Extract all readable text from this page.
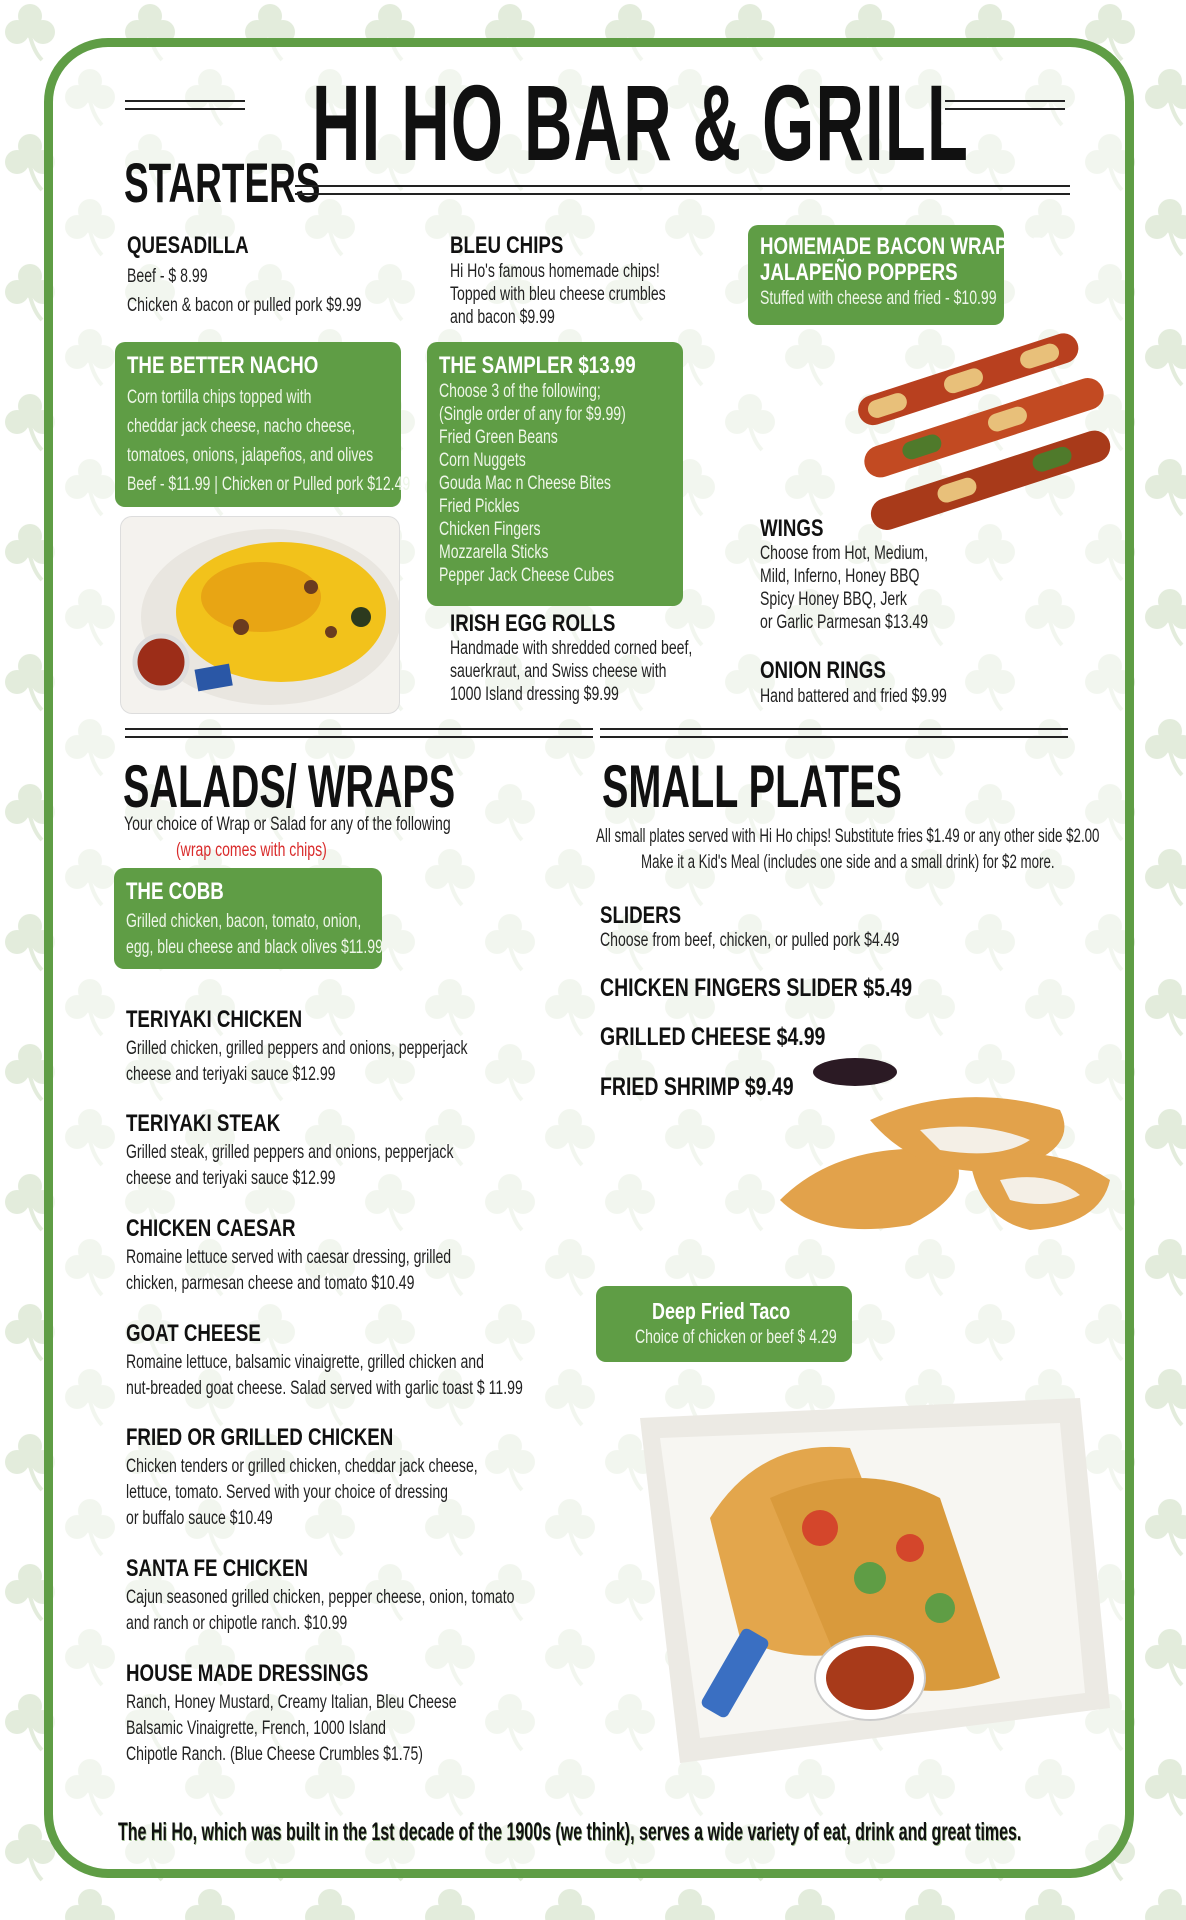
HI HO BAR & GRILL
STARTERS
QUESADILLA
Beef - $ 8.99
Chicken & bacon or pulled pork $9.99
BLEU CHIPS
Hi Ho's famous homemade chips!
Topped with bleu cheese crumbles
and bacon $9.99
HOMEMADE BACON WRAPPED
JALAPEÑO POPPERS
Stuffed with cheese and fried - $10.99
THE BETTER NACHO
Corn tortilla chips topped with
cheddar jack cheese, nacho cheese,
tomatoes, onions, jalapeños, and olives
Beef - $11.99 | Chicken or Pulled pork $12.49
THE SAMPLER $13.99
Choose 3 of the following;
(Single order of any for $9.99)
Fried Green Beans
Corn Nuggets
Gouda Mac n Cheese Bites
Fried Pickles
Chicken Fingers
Mozzarella Sticks
Pepper Jack Cheese Cubes
WINGS
Choose from Hot, Medium,
Mild, Inferno, Honey BBQ
Spicy Honey BBQ, Jerk
or Garlic Parmesan $13.49
IRISH EGG ROLLS
Handmade with shredded corned beef,
sauerkraut, and Swiss cheese with
1000 Island dressing $9.99
ONION RINGS
Hand battered and fried $9.99
SALADS/ WRAPS
Your choice of Wrap or Salad for any of the following
(wrap comes with chips)
THE COBB
Grilled chicken, bacon, tomato, onion,
egg, bleu cheese and black olives $11.99
TERIYAKI CHICKEN
Grilled chicken, grilled peppers and onions, pepperjack
cheese and teriyaki sauce $12.99
TERIYAKI STEAK
Grilled steak, grilled peppers and onions, pepperjack
cheese and teriyaki sauce $12.99
CHICKEN CAESAR
Romaine lettuce served with caesar dressing, grilled
chicken, parmesan cheese and tomato $10.49
GOAT CHEESE
Romaine lettuce, balsamic vinaigrette, grilled chicken and
nut-breaded goat cheese. Salad served with garlic toast $ 11.99
FRIED OR GRILLED CHICKEN
Chicken tenders or grilled chicken, cheddar jack cheese,
lettuce, tomato. Served with your choice of dressing
or buffalo sauce $10.49
SANTA FE CHICKEN
Cajun seasoned grilled chicken, pepper cheese, onion, tomato
and ranch or chipotle ranch. $10.99
HOUSE MADE DRESSINGS
Ranch, Honey Mustard, Creamy Italian, Bleu Cheese
Balsamic Vinaigrette, French, 1000 Island
Chipotle Ranch. (Blue Cheese Crumbles $1.75)
SMALL PLATES
All small plates served with Hi Ho chips! Substitute fries $1.49 or any other side $2.00
Make it a Kid's Meal (includes one side and a small drink) for $2 more.
SLIDERS
Choose from beef, chicken, or pulled pork $4.49
CHICKEN FINGERS SLIDER $5.49
GRILLED CHEESE $4.99
FRIED SHRIMP $9.49
Deep Fried Taco
Choice of chicken or beef $ 4.29
The Hi Ho, which was built in the 1st decade of the 1900s (we think), serves a wide variety of eat, drink and great times.
